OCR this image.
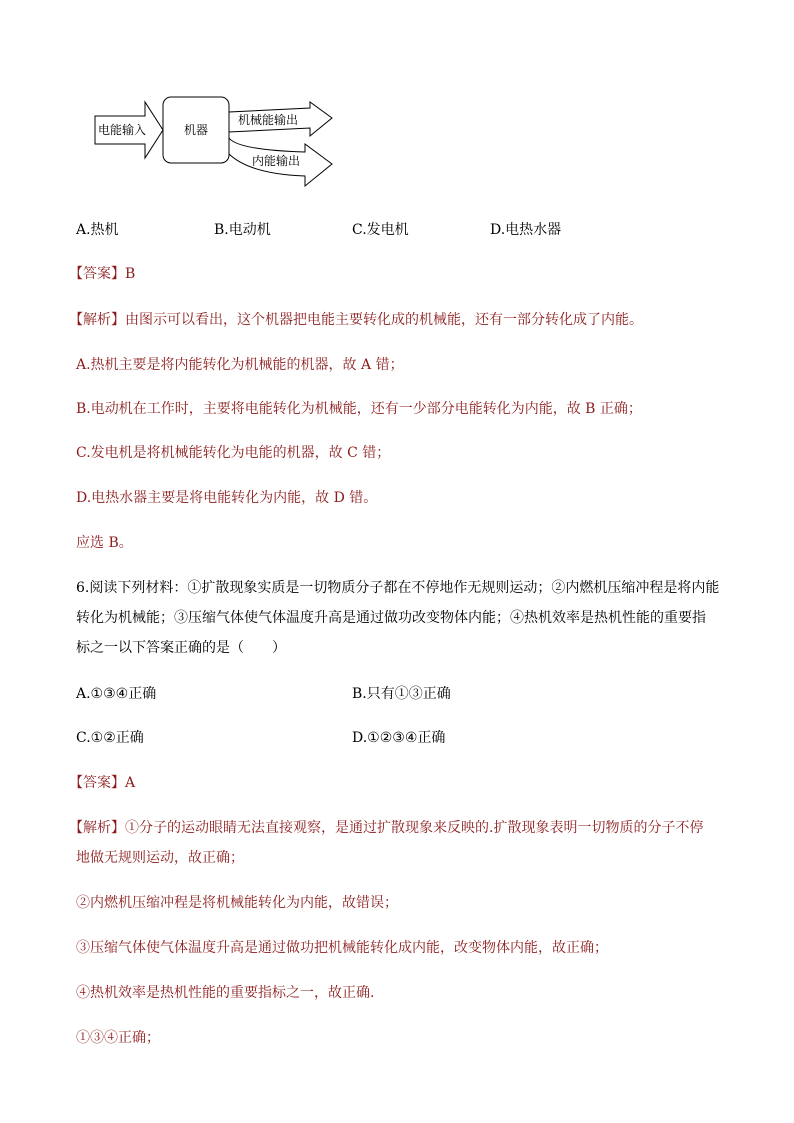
电能输入	机器
机械能输出
内能输出
A.热机	B.电动机	C.发电机	D.电热水器
【答案】B
【解析】由图示可以看出，这个机器把电能主要转化成的机械能，还有一部分转化成了内能。
A.热机主要是将内能转化为机械能的机器，故 A 错；
B.电动机在工作时，主要将电能转化为机械能，还有一少部分电能转化为内能，故 B 正确；
C.发电机是将机械能转化为电能的机器，故 C 错；
D.电热水器主要是将电能转化为内能，故 D 错。
应选 B。
6.阅读下列材料：①扩散现象实质是一切物质分子都在不停地作无规则运动；②内燃机压缩冲程是将内能
转化为机械能；③压缩气体使气体温度升高是通过做功改变物体内能；④热机效率是热机性能的重要指
标之一以下答案正确的是（　　）
A.①③④正确	B.只有①③正确
C.①②正确	D.①②③④正确
【答案】A
【解析】①分子的运动眼睛无法直接观察，是通过扩散现象来反映的.扩散现象表明一切物质的分子不停
地做无规则运动，故正确；
②内燃机压缩冲程是将机械能转化为内能，故错误；
③压缩气体使气体温度升高是通过做功把机械能转化成内能，改变物体内能，故正确；
④热机效率是热机性能的重要指标之一，故正确.
①③④正确；
